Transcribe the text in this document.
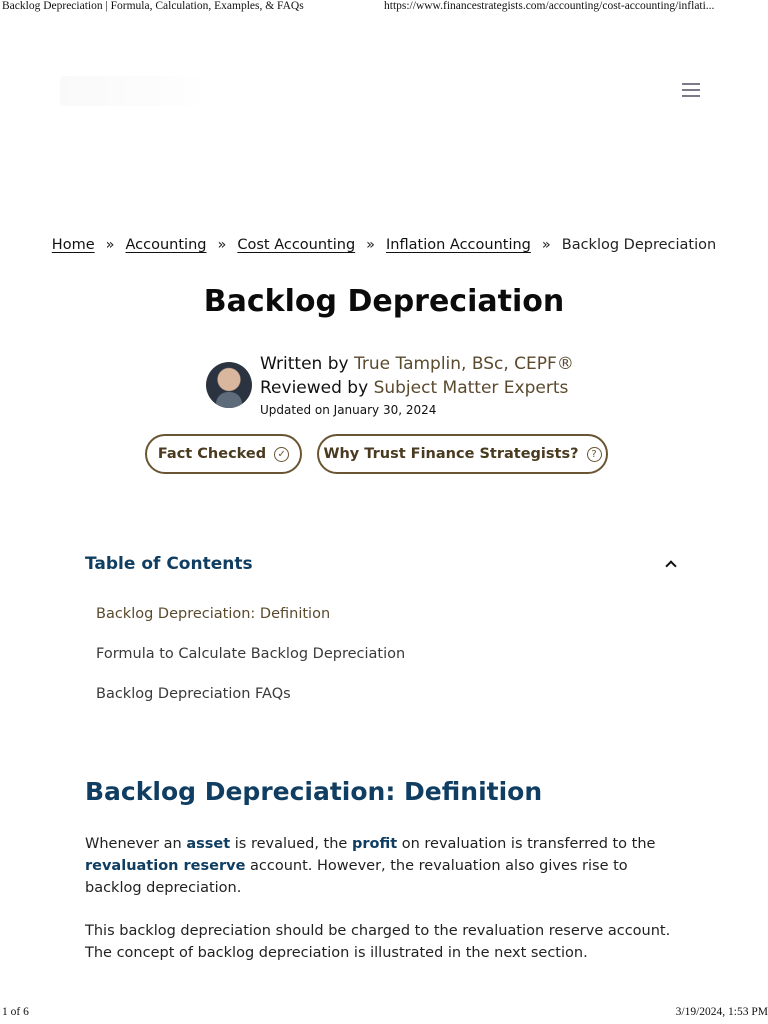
Backlog Depreciation | Formula, Calculation, Examples, & FAQs	https://www.financestrategists.com/accounting/cost-accounting/inflati...
Home » Accounting » Cost Accounting » Inflation Accounting » Backlog Depreciation
Backlog Depreciation
Written by True Tamplin, BSc, CEPF®
Reviewed by Subject Matter Experts
Updated on January 30, 2024
Fact Checked	✓	Why Trust Finance Strategists?	?
Table of Contents
Backlog Depreciation: Definition
Formula to Calculate Backlog Depreciation
Backlog Depreciation FAQs
Backlog Depreciation: Definition

Whenever an asset is revalued, the profit on revaluation is transferred to the revaluation reserve account. However, the revaluation also gives rise to backlog depreciation.

This backlog depreciation should be charged to the revaluation reserve account. The concept of backlog depreciation is illustrated in the next section.

1 of 6	3/19/2024, 1:53 PM
